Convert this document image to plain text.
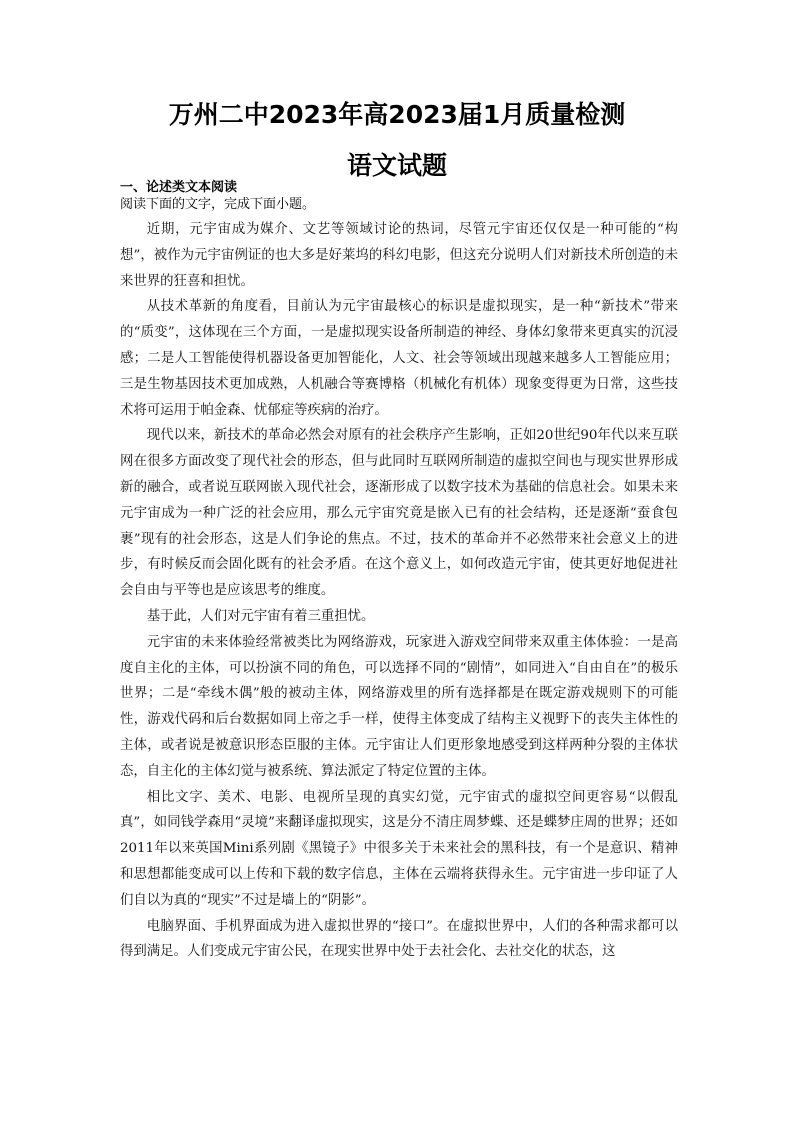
万州二中2023年高2023届1月质量检测
语文试题
一、论述类文本阅读
阅读下面的文字，完成下面小题。

近期，元宇宙成为媒介、文艺等领域讨论的热词，尽管元宇宙还仅仅是一种可能的“构想”，被作为元宇宙例证的也大多是好莱坞的科幻电影，但这充分说明人们对新技术所创造的未来世界的狂喜和担忧。

从技术革新的角度看，目前认为元宇宙最核心的标识是虚拟现实，是一种“新技术”带来的“质变”，这体现在三个方面，一是虚拟现实设备所制造的神经、身体幻象带来更真实的沉浸感；二是人工智能使得机器设备更加智能化，人文、社会等领域出现越来越多人工智能应用；三是生物基因技术更加成熟，人机融合等赛博格（机械化有机体）现象变得更为日常，这些技术将可运用于帕金森、忧郁症等疾病的治疗。

现代以来，新技术的革命必然会对原有的社会秩序产生影响，正如20世纪90年代以来互联网在很多方面改变了现代社会的形态，但与此同时互联网所制造的虚拟空间也与现实世界形成新的融合，或者说互联网嵌入现代社会，逐渐形成了以数字技术为基础的信息社会。如果未来元宇宙成为一种广泛的社会应用，那么元宇宙究竟是嵌入已有的社会结构，还是逐渐“蚕食包裹”现有的社会形态，这是人们争论的焦点。不过，技术的革命并不必然带来社会意义上的进步，有时候反而会固化既有的社会矛盾。在这个意义上，如何改造元宇宙，使其更好地促进社会自由与平等也是应该思考的维度。

基于此，人们对元宇宙有着三重担忧。

元宇宙的未来体验经常被类比为网络游戏，玩家进入游戏空间带来双重主体体验：一是高度自主化的主体，可以扮演不同的角色，可以选择不同的“剧情”，如同进入“自由自在”的极乐世界；二是“牵线木偶”般的被动主体，网络游戏里的所有选择都是在既定游戏规则下的可能性，游戏代码和后台数据如同上帝之手一样，使得主体变成了结构主义视野下的丧失主体性的主体，或者说是被意识形态臣服的主体。元宇宙让人们更形象地感受到这样两种分裂的主体状态，自主化的主体幻觉与被系统、算法派定了特定位置的主体。

相比文字、美术、电影、电视所呈现的真实幻觉，元宇宙式的虚拟空间更容易“以假乱真”，如同钱学森用“灵境”来翻译虚拟现实，这是分不清庄周梦蝶、还是蝶梦庄周的世界；还如2011年以来英国Mini系列剧《黑镜子》中很多关于未来社会的黑科技，有一个是意识、精神和思想都能变成可以上传和下载的数字信息，主体在云端将获得永生。元宇宙进一步印证了人们自以为真的“现实”不过是墙上的“阴影”。

电脑界面、手机界面成为进入虚拟世界的“接口”。在虚拟世界中，人们的各种需求都可以得到满足。人们变成元宇宙公民，在现实世界中处于去社会化、去社交化的状态，这
